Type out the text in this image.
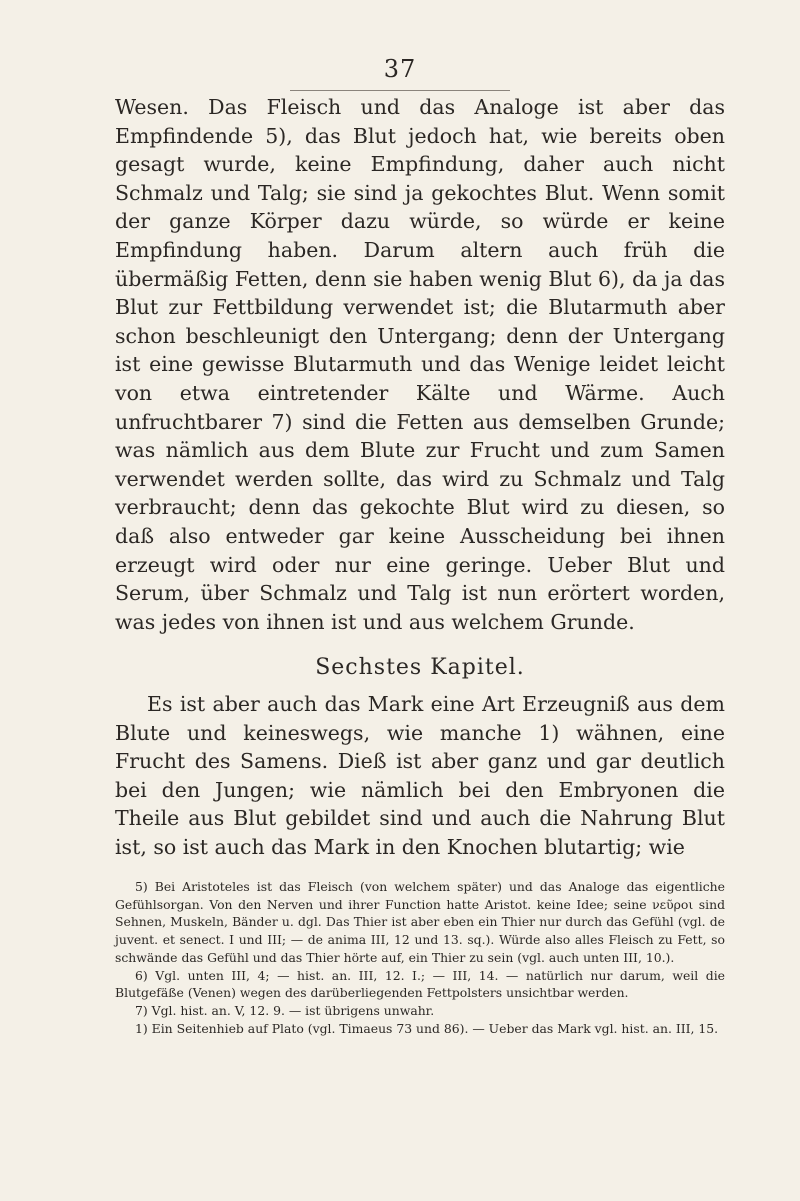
37

Wesen. Das Fleisch und das Analoge ist aber das Empfindende 5), das Blut jedoch hat, wie bereits oben gesagt wurde, keine Empfindung, daher auch nicht Schmalz und Talg; sie sind ja gekochtes Blut. Wenn somit der ganze Körper dazu würde, so würde er keine Empfindung haben. Darum altern auch früh die übermäßig Fetten, denn sie haben wenig Blut 6), da ja das Blut zur Fettbildung verwendet ist; die Blutarmuth aber schon beschleunigt den Untergang; denn der Untergang ist eine gewisse Blutarmuth und das Wenige leidet leicht von etwa eintretender Kälte und Wärme. Auch unfruchtbarer 7) sind die Fetten aus demselben Grunde; was nämlich aus dem Blute zur Frucht und zum Samen verwendet werden sollte, das wird zu Schmalz und Talg verbraucht; denn das gekochte Blut wird zu diesen, so daß also entweder gar keine Ausscheidung bei ihnen erzeugt wird oder nur eine geringe. Ueber Blut und Serum, über Schmalz und Talg ist nun erörtert worden, was jedes von ihnen ist und aus welchem Grunde.

Sechstes Kapitel.

Es ist aber auch das Mark eine Art Erzeugniß aus dem Blute und keineswegs, wie manche 1) wähnen, eine Frucht des Samens. Dieß ist aber ganz und gar deutlich bei den Jungen; wie nämlich bei den Embryonen die Theile aus Blut gebildet sind und auch die Nahrung Blut ist, so ist auch das Mark in den Knochen blutartig; wie

5) Bei Aristoteles ist das Fleisch (von welchem später) und das Analoge das eigentliche Gefühlsorgan. Von den Nerven und ihrer Function hatte Aristot. keine Idee; seine νεῦροι sind Sehnen, Muskeln, Bänder u. dgl. Das Thier ist aber eben ein Thier nur durch das Gefühl (vgl. de juvent. et senect. I und III; — de anima III, 12 und 13. sq.). Würde also alles Fleisch zu Fett, so schwände das Gefühl und das Thier hörte auf, ein Thier zu sein (vgl. auch unten III, 10.).

6) Vgl. unten III, 4; — hist. an. III, 12. I.; — III, 14. — natürlich nur darum, weil die Blutgefäße (Venen) wegen des darüberliegenden Fettpolsters unsichtbar werden.

7) Vgl. hist. an. V, 12. 9. — ist übrigens unwahr.

1) Ein Seitenhieb auf Plato (vgl. Timaeus 73 und 86). — Ueber das Mark vgl. hist. an. III, 15.
